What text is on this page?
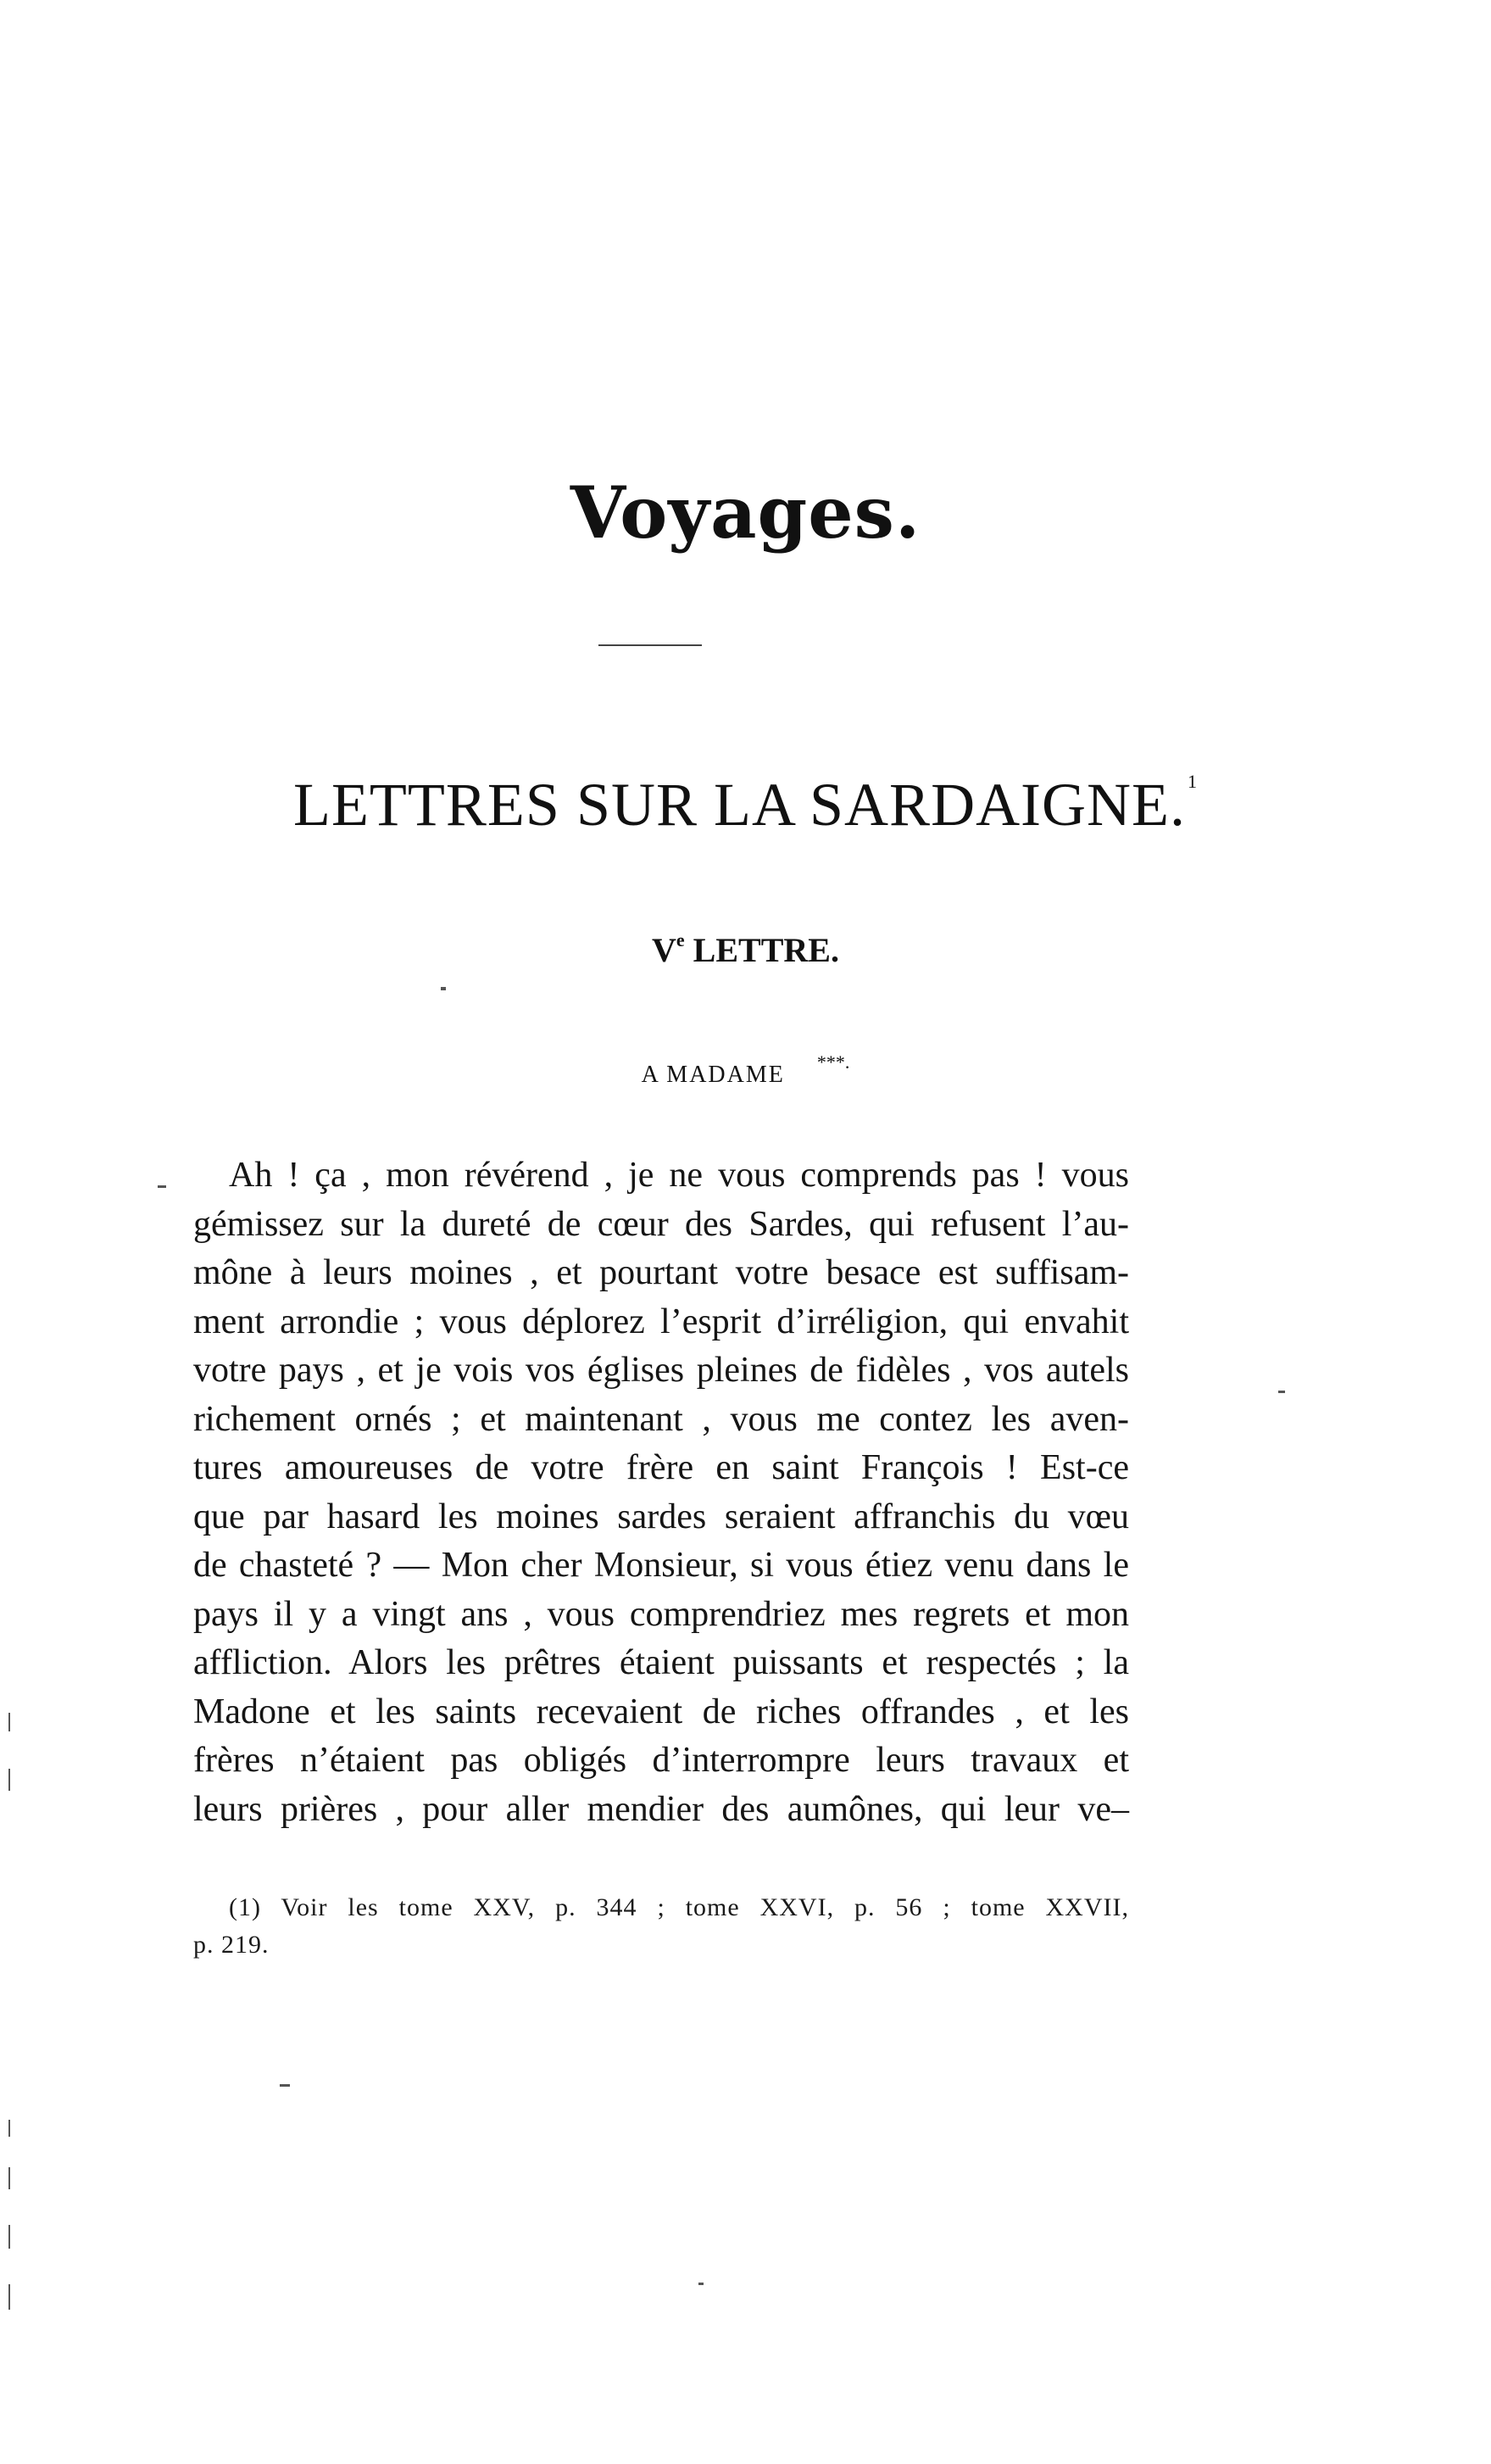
Voyages.
LETTRES SUR LA SARDAIGNE.$^1$
Ve LETTRE.
A MADAME ***.
Ah ! ça , mon révérend , je ne vous comprends pas ! vous
gémissez sur la dureté de cœur des Sardes, qui refusent l’au-
mône à leurs moines , et pourtant votre besace est suffisam-
ment arrondie ; vous déplorez l’esprit d’irréligion, qui envahit
votre pays , et je vois vos églises pleines de fidèles , vos autels
richement ornés ; et maintenant , vous me contez les aven-
tures amoureuses de votre frère en saint François ! Est-ce
que par hasard les moines sardes seraient affranchis du vœu
de chasteté ? — Mon cher Monsieur, si vous étiez venu dans le
pays il y a vingt ans , vous comprendriez mes regrets et mon
affliction. Alors les prêtres étaient puissants et respectés ; la
Madone et les saints recevaient de riches offrandes , et les
frères n’étaient pas obligés d’interrompre leurs travaux et
leurs prières , pour aller mendier des aumônes, qui leur ve–
(1) Voir les tome XXV, p. 344 ; tome XXVI, p. 56 ; tome XXVII,
p. 219.
